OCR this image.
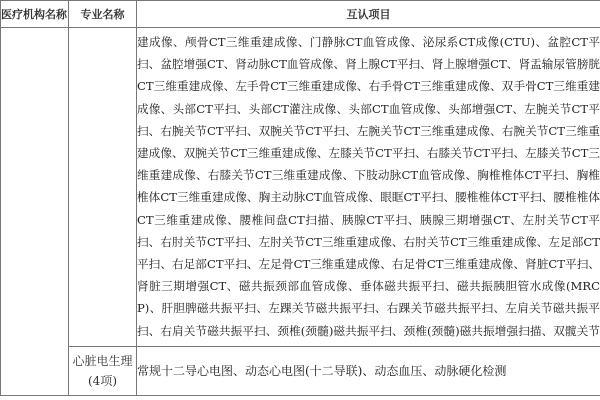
医疗机构名称	专业名称	互认项目

		建成像、颅骨CT三维重建成像、门静脉CT血管成像、泌尿系CT成像(CTU)、盆腔CT平扫、盆腔增强CT、肾动脉CT血管成像、肾上腺CT平扫、肾上腺增强CT、肾盂输尿管膀胱CT三维重建成像、左手骨CT三维重建成像、右手骨CT三维重建成像、双手骨CT三维重建成像、头部CT平扫、头部CT灌注成像、头部CT血管成像、头部增强CT、左腕关节CT平扫、右腕关节CT平扫、双腕关节CT平扫、左腕关节CT三维重建成像、右腕关节CT三维重建成像、双腕关节CT三维重建成像、左膝关节CT平扫、右膝关节CT平扫、左膝关节CT三维重建成像、右膝关节CT三维重建成像、下肢动脉CT血管成像、胸椎椎体CT平扫、胸椎椎体CT三维重建成像、胸主动脉CT血管成像、眼眶CT平扫、腰椎椎体CT平扫、腰椎椎体CT三维重建成像、腰椎间盘CT扫描、胰腺CT平扫、胰腺三期增强CT、左肘关节CT平扫、右肘关节CT平扫、左肘关节CT三维重建成像、右肘关节CT三维重建成像、左足部CT平扫、右足部CT平扫、左足骨CT三维重建成像、右足骨CT三维重建成像、肾脏CT平扫、肾脏三期增强CT、磁共振颈部血管成像、垂体磁共振平扫、磁共振胰胆管水成像(MRCP)、肝胆脾磁共振平扫、左踝关节磁共振平扫、右踝关节磁共振平扫、左肩关节磁共振平扫、右肩关节磁共振平扫、颈椎(颈髓)磁共振平扫、颈椎(颈髓)磁共振增强扫描、双髋关节

	心脏电生理
(4项)	常规十二导心电图、动态心电图(十二导联)、动态血压、动脉硬化检测
